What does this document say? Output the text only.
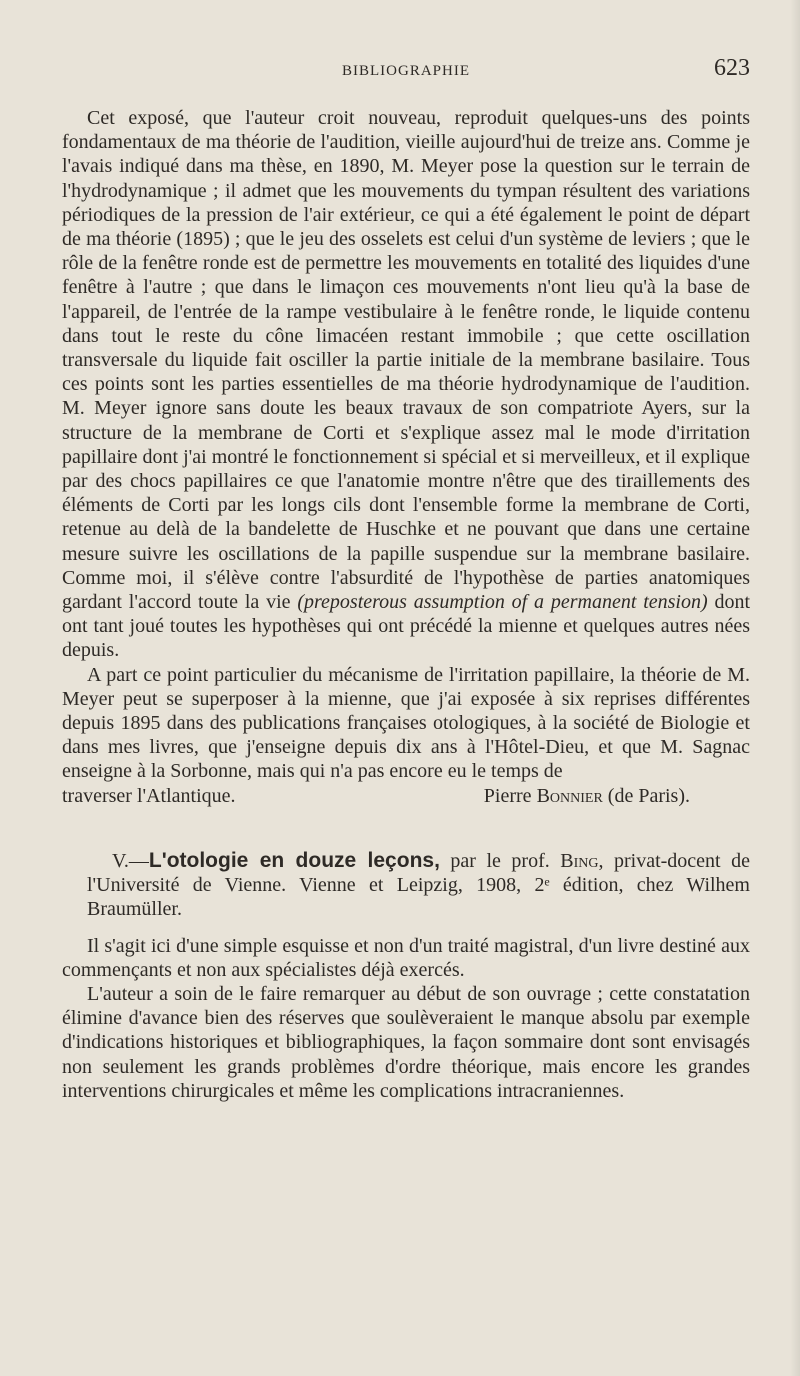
BIBLIOGRAPHIE	623

Cet exposé, que l'auteur croit nouveau, reproduit quelques-uns des points fondamentaux de ma théorie de l'audition, vieille aujourd'hui de treize ans. Comme je l'avais indiqué dans ma thèse, en 1890, M. Meyer pose la question sur le terrain de l'hydrodynamique ; il admet que les mouvements du tympan résultent des variations périodiques de la pression de l'air extérieur, ce qui a été également le point de départ de ma théorie (1895) ; que le jeu des osselets est celui d'un système de leviers ; que le rôle de la fenêtre ronde est de permettre les mouvements en totalité des liquides d'une fenêtre à l'autre ; que dans le limaçon ces mouvements n'ont lieu qu'à la base de l'appareil, de l'entrée de la rampe vestibulaire à le fenêtre ronde, le liquide contenu dans tout le reste du cône limacéen restant immobile ; que cette oscillation transversale du liquide fait osciller la partie initiale de la membrane basilaire. Tous ces points sont les parties essentielles de ma théorie hydrodynamique de l'audition. M. Meyer ignore sans doute les beaux travaux de son compatriote Ayers, sur la structure de la membrane de Corti et s'explique assez mal le mode d'irritation papillaire dont j'ai montré le fonctionnement si spécial et si merveilleux, et il explique par des chocs papillaires ce que l'anatomie montre n'être que des tiraillements des éléments de Corti par les longs cils dont l'ensemble forme la membrane de Corti, retenue au delà de la bandelette de Huschke et ne pouvant que dans une certaine mesure suivre les oscillations de la papille suspendue sur la membrane basilaire. Comme moi, il s'élève contre l'absurdité de l'hypothèse de parties anatomiques gardant l'accord toute la vie (preposterous assumption of a permanent tension) dont ont tant joué toutes les hypothèses qui ont précédé la mienne et quelques autres nées depuis.

A part ce point particulier du mécanisme de l'irritation papillaire, la théorie de M. Meyer peut se superposer à la mienne, que j'ai exposée à six reprises différentes depuis 1895 dans des publications françaises otologiques, à la société de Biologie et dans mes livres, que j'enseigne depuis dix ans à l'Hôtel-Dieu, et que M. Sagnac enseigne à la Sorbonne, mais qui n'a pas encore eu le temps de

traverser l'Atlantique.	Pierre Bonnier (de Paris).

V.—L'otologie en douze leçons, par le prof. Bing, privat-docent de l'Université de Vienne. Vienne et Leipzig, 1908, 2ᵉ édition, chez Wilhem Braumüller.

Il s'agit ici d'une simple esquisse et non d'un traité magistral, d'un livre destiné aux commençants et non aux spécialistes déjà exercés.

L'auteur a soin de le faire remarquer au début de son ouvrage ; cette constatation élimine d'avance bien des réserves que soulèveraient le manque absolu par exemple d'indications historiques et bibliographiques, la façon sommaire dont sont envisagés non seulement les grands problèmes d'ordre théorique, mais encore les grandes interventions chirurgicales et même les complications intracraniennes.
